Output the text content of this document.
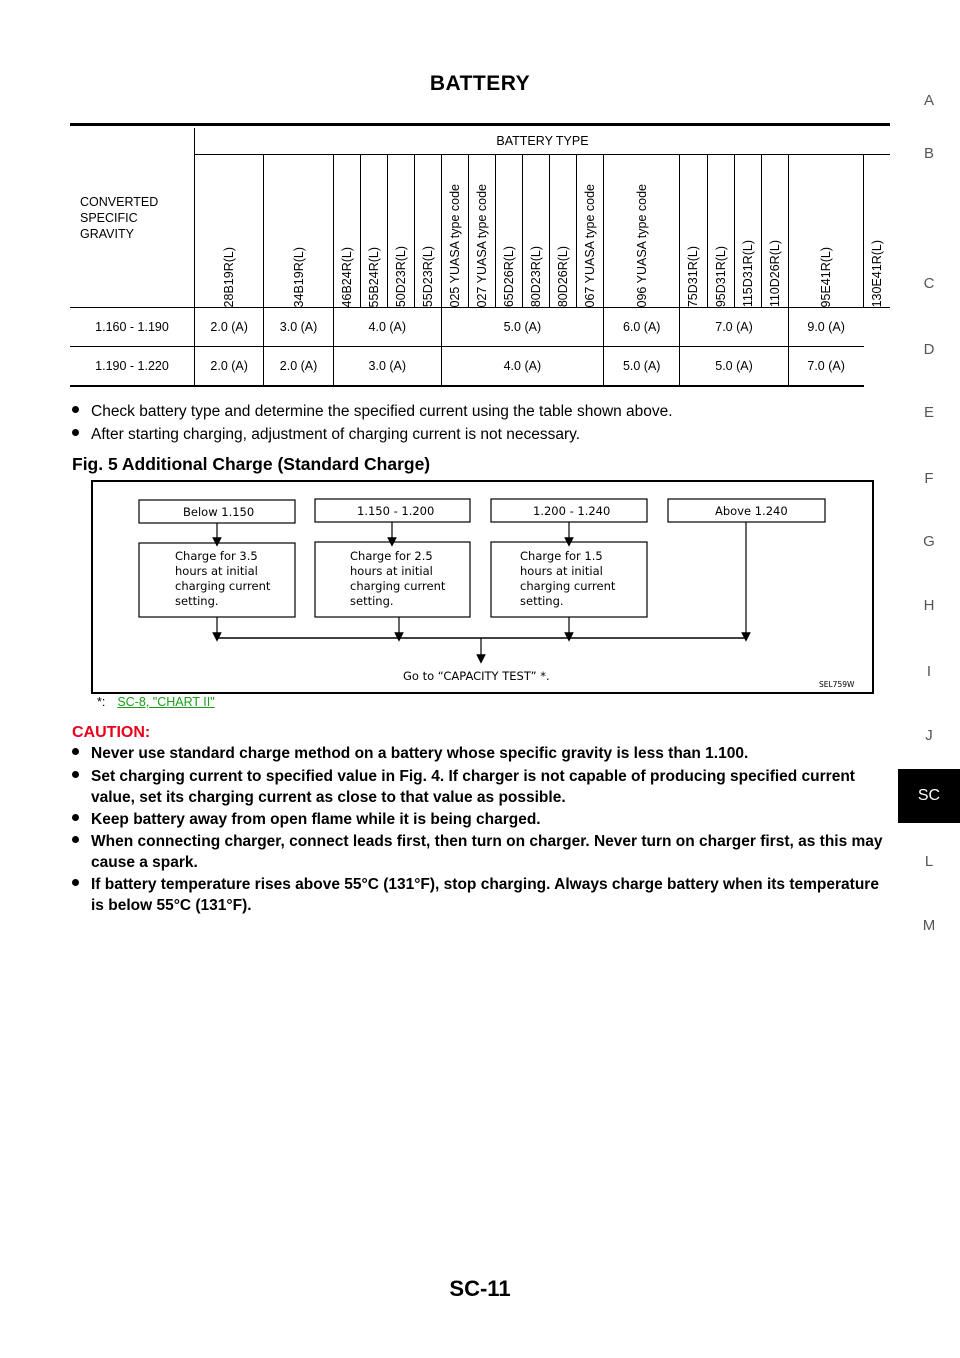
BATTERY
A
B
C
D
E
F
G
H
I
J
SC
L
M
CONVERTED SPECIFIC GRAVITY	BATTERY TYPE																		

	28B19R(L)	34B19R(L)	46B24R(L)	55B24R(L)	50D23R(L)	55D23R(L)	025 YUASA type code	027 YUASA type code	65D26R(L)	80D23R(L)	80D26R(L)	067 YUASA type code	096 YUASA type code	75D31R(L)	95D31R(L)	115D31R(L)	110D26R(L)	95E41R(L)	130E41R(L)

1.160 - 1.190	2.0 (A)	3.0 (A)	4.0 (A)				5.0 (A)						6.0 (A)	7.0 (A)				9.0 (A)	
1.190 - 1.220	2.0 (A)	2.0 (A)	3.0 (A)				4.0 (A)						5.0 (A)	5.0 (A)				7.0 (A)	
Check battery type and determine the specified current using the table shown above.
After starting charging, adjustment of charging current is not necessary.
Fig. 5 Additional Charge (Standard Charge)
Below 1.150	1.150 - 1.200	1.200 - 1.240	Above 1.240
Charge for 3.5
hours at initial
charging current
setting.
Charge for 2.5
hours at initial
charging current
setting.
Charge for 1.5
hours at initial
charging current
setting.
Go to “CAPACITY TEST” *.
SEL759W
*: SC-8, "CHART II"
CAUTION:
Never use standard charge method on a battery whose specific gravity is less than 1.100.
Set charging current to specified value in Fig. 4. If charger is not capable of producing specified current value, set its charging current as close to that value as possible.
Keep battery away from open flame while it is being charged.
When connecting charger, connect leads first, then turn on charger. Never turn on charger first, as this may cause a spark.
If battery temperature rises above 55°C (131°F), stop charging. Always charge battery when its temperature is below 55°C (131°F).
SC-11
